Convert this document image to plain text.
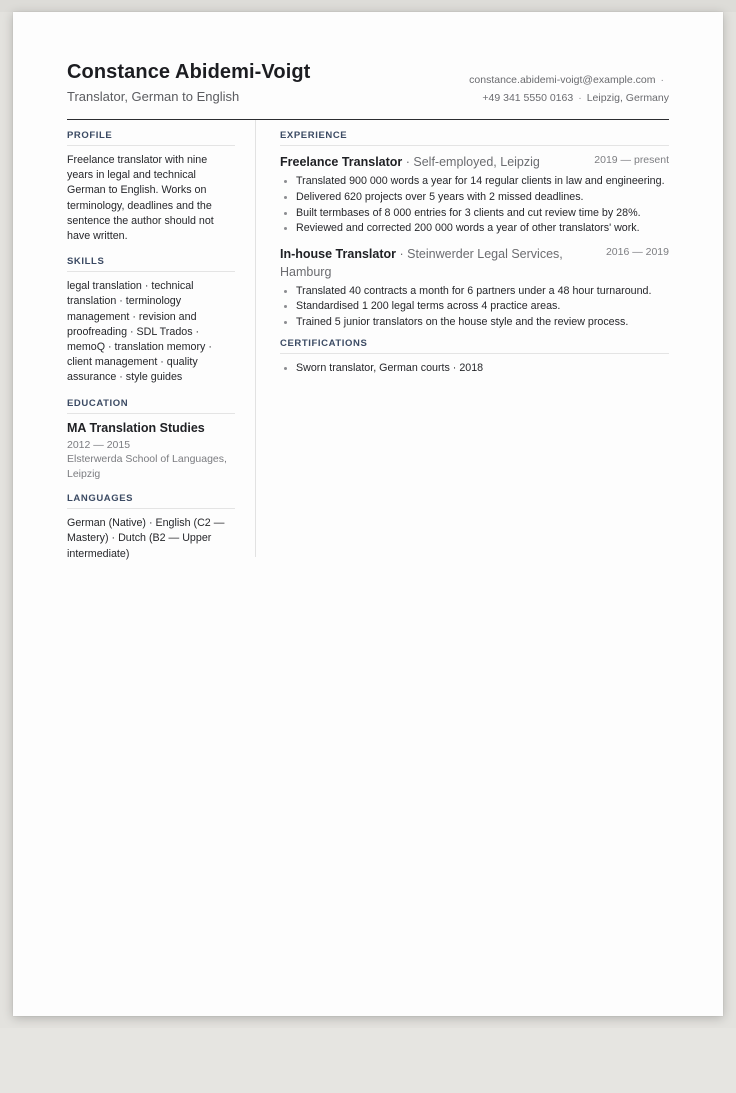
Constance Abidemi-Voigt
Translator, German to English
constance.abidemi-voigt@example.com ·
+49 341 5550 0163 · Leipzig, Germany
PROFILE
Freelance translator with nine years in legal and technical German to English. Works on terminology, deadlines and the sentence the author should not have written.
SKILLS
legal translation · technical translation · terminology management · revision and proofreading · SDL Trados · memoQ · translation memory · client management · quality assurance · style guides
EDUCATION
MA Translation Studies
2012 — 2015
Elsterwerda School of Languages, Leipzig
LANGUAGES
German (Native) · English (C2 — Mastery) · Dutch (B2 — Upper intermediate)
EXPERIENCE
Freelance Translator · Self-employed, Leipzig	2019 — present
• Translated 900 000 words a year for 14 regular clients in law and engineering.
• Delivered 620 projects over 5 years with 2 missed deadlines.
• Built termbases of 8 000 entries for 3 clients and cut review time by 28%.
• Reviewed and corrected 200 000 words a year of other translators' work.
In-house Translator · Steinwerder Legal Services, Hamburg
2016 — 2019
• Translated 40 contracts a month for 6 partners under a 48 hour turnaround.
• Standardised 1 200 legal terms across 4 practice areas.
• Trained 5 junior translators on the house style and the review process.
CERTIFICATIONS
• Sworn translator, German courts · 2018
